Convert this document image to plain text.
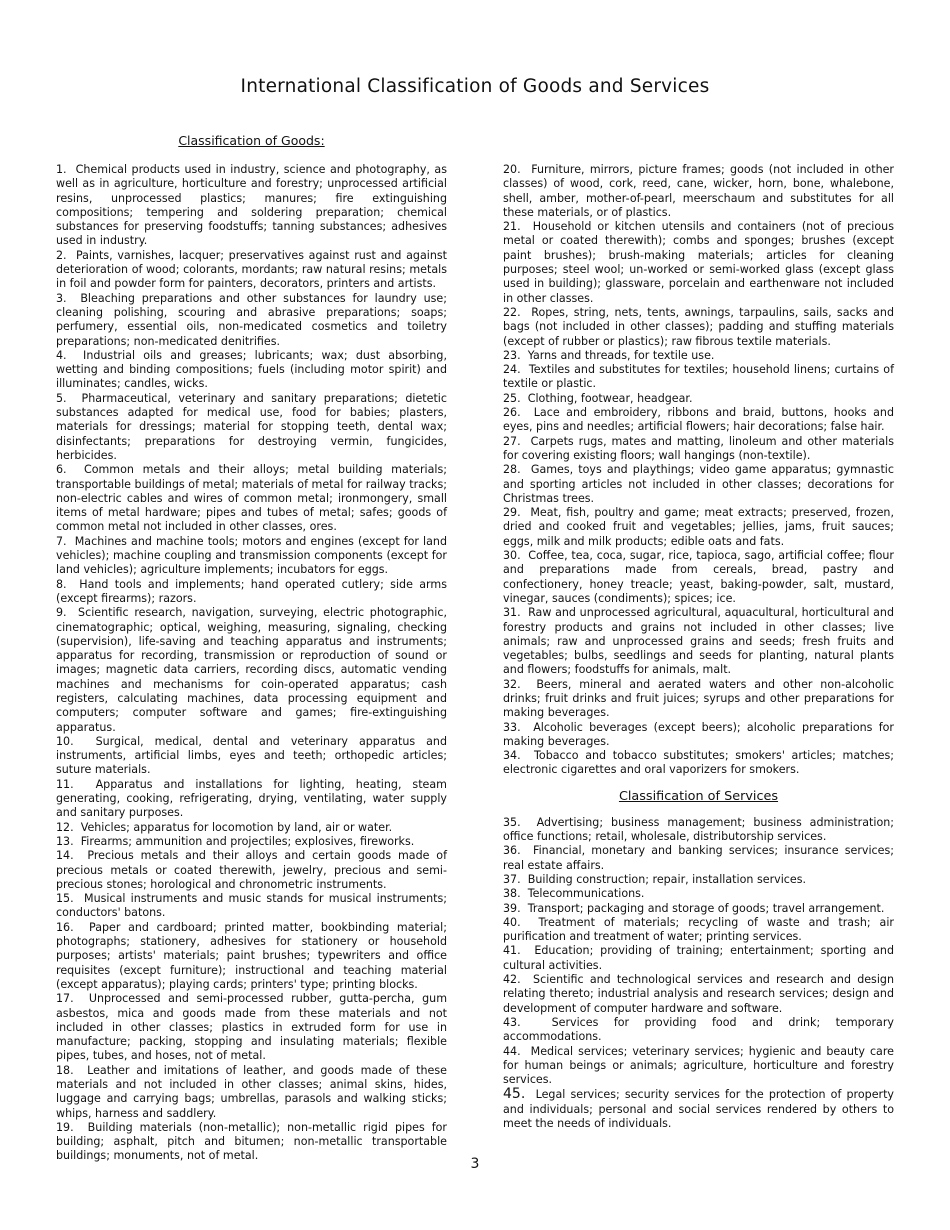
International Classification of Goods and Services
Classification of Goods:

1. Chemical products used in industry, science and photography, as well as in agriculture, horticulture and forestry; unprocessed artificial resins, unprocessed plastics; manures; fire extinguishing compositions; tempering and soldering preparation; chemical substances for preserving foodstuffs; tanning substances; adhesives used in industry.

2. Paints, varnishes, lacquer; preservatives against rust and against deterioration of wood; colorants, mordants; raw natural resins; metals in foil and powder form for painters, decorators, printers and artists.

3. Bleaching preparations and other substances for laundry use; cleaning polishing, scouring and abrasive preparations; soaps; perfumery, essential oils, non-medicated cosmetics and toiletry preparations; non-medicated denitrifies.

4. Industrial oils and greases; lubricants; wax; dust absorbing, wetting and binding compositions; fuels (including motor spirit) and illuminates; candles, wicks.

5. Pharmaceutical, veterinary and sanitary preparations; dietetic substances adapted for medical use, food for babies; plasters, materials for dressings; material for stopping teeth, dental wax; disinfectants; preparations for destroying vermin, fungicides, herbicides.

6. Common metals and their alloys; metal building materials; transportable buildings of metal; materials of metal for railway tracks; non-electric cables and wires of common metal; ironmongery, small items of metal hardware; pipes and tubes of metal; safes; goods of common metal not included in other classes, ores.

7. Machines and machine tools; motors and engines (except for land vehicles); machine coupling and transmission components (except for land vehicles); agriculture implements; incubators for eggs.

8. Hand tools and implements; hand operated cutlery; side arms (except firearms); razors.

9. Scientific research, navigation, surveying, electric photographic, cinematographic; optical, weighing, measuring, signaling, checking (supervision), life-saving and teaching apparatus and instruments; apparatus for recording, transmission or reproduction of sound or images; magnetic data carriers, recording discs, automatic vending machines and mechanisms for coin-operated apparatus; cash registers, calculating machines, data processing equipment and computers; computer software and games; fire-extinguishing apparatus.

10. Surgical, medical, dental and veterinary apparatus and instruments, artificial limbs, eyes and teeth; orthopedic articles; suture materials.

11. Apparatus and installations for lighting, heating, steam generating, cooking, refrigerating, drying, ventilating, water supply and sanitary purposes.

12. Vehicles; apparatus for locomotion by land, air or water.

13. Firearms; ammunition and projectiles; explosives, fireworks.

14. Precious metals and their alloys and certain goods made of precious metals or coated therewith, jewelry, precious and semi-precious stones; horological and chronometric instruments.

15. Musical instruments and music stands for musical instruments; conductors' batons.

16. Paper and cardboard; printed matter, bookbinding material; photographs; stationery, adhesives for stationery or household purposes; artists' materials; paint brushes; typewriters and office requisites (except furniture); instructional and teaching material (except apparatus); playing cards; printers' type; printing blocks.

17. Unprocessed and semi-processed rubber, gutta-percha, gum asbestos, mica and goods made from these materials and not included in other classes; plastics in extruded form for use in manufacture; packing, stopping and insulating materials; flexible pipes, tubes, and hoses, not of metal.

18. Leather and imitations of leather, and goods made of these materials and not included in other classes; animal skins, hides, luggage and carrying bags; umbrellas, parasols and walking sticks; whips, harness and saddlery.

19. Building materials (non-metallic); non-metallic rigid pipes for building; asphalt, pitch and bitumen; non-metallic transportable buildings; monuments, not of metal.

20. Furniture, mirrors, picture frames; goods (not included in other classes) of wood, cork, reed, cane, wicker, horn, bone, whalebone, shell, amber, mother-of-pearl, meerschaum and substitutes for all these materials, or of plastics.

21. Household or kitchen utensils and containers (not of precious metal or coated therewith); combs and sponges; brushes (except paint brushes); brush-making materials; articles for cleaning purposes; steel wool; un-worked or semi-worked glass (except glass used in building); glassware, porcelain and earthenware not included in other classes.

22. Ropes, string, nets, tents, awnings, tarpaulins, sails, sacks and bags (not included in other classes); padding and stuffing materials (except of rubber or plastics); raw fibrous textile materials.

23. Yarns and threads, for textile use.

24. Textiles and substitutes for textiles; household linens; curtains of textile or plastic.

25. Clothing, footwear, headgear.

26. Lace and embroidery, ribbons and braid, buttons, hooks and eyes, pins and needles; artificial flowers; hair decorations; false hair.

27. Carpets rugs, mates and matting, linoleum and other materials for covering existing floors; wall hangings (non-textile).

28. Games, toys and playthings; video game apparatus; gymnastic and sporting articles not included in other classes; decorations for Christmas trees.

29. Meat, fish, poultry and game; meat extracts; preserved, frozen, dried and cooked fruit and vegetables; jellies, jams, fruit sauces; eggs, milk and milk products; edible oats and fats.

30. Coffee, tea, coca, sugar, rice, tapioca, sago, artificial coffee; flour and preparations made from cereals, bread, pastry and confectionery, honey treacle; yeast, baking-powder, salt, mustard, vinegar, sauces (condiments); spices; ice.

31. Raw and unprocessed agricultural, aquacultural, horticultural and forestry products and grains not included in other classes; live animals; raw and unprocessed grains and seeds; fresh fruits and vegetables; bulbs, seedlings and seeds for planting, natural plants and flowers; foodstuffs for animals, malt.

32. Beers, mineral and aerated waters and other non-alcoholic drinks; fruit drinks and fruit juices; syrups and other preparations for making beverages.

33. Alcoholic beverages (except beers); alcoholic preparations for making beverages.

34. Tobacco and tobacco substitutes; smokers' articles; matches; electronic cigarettes and oral vaporizers for smokers.

Classification of Services

35. Advertising; business management; business administration; office functions; retail, wholesale, distributorship services.

36. Financial, monetary and banking services; insurance services; real estate affairs.

37. Building construction; repair, installation services.

38. Telecommunications.

39. Transport; packaging and storage of goods; travel arrangement.

40. Treatment of materials; recycling of waste and trash; air purification and treatment of water; printing services.

41. Education; providing of training; entertainment; sporting and cultural activities.

42. Scientific and technological services and research and design relating thereto; industrial analysis and research services; design and development of computer hardware and software.

43.	Services for providing food and drink; temporary accommodations.

44. Medical services; veterinary services; hygienic and beauty care for human beings or animals; agriculture, horticulture and forestry services.

45. Legal services; security services for the protection of property and individuals; personal and social services rendered by others to meet the needs of individuals.

3
